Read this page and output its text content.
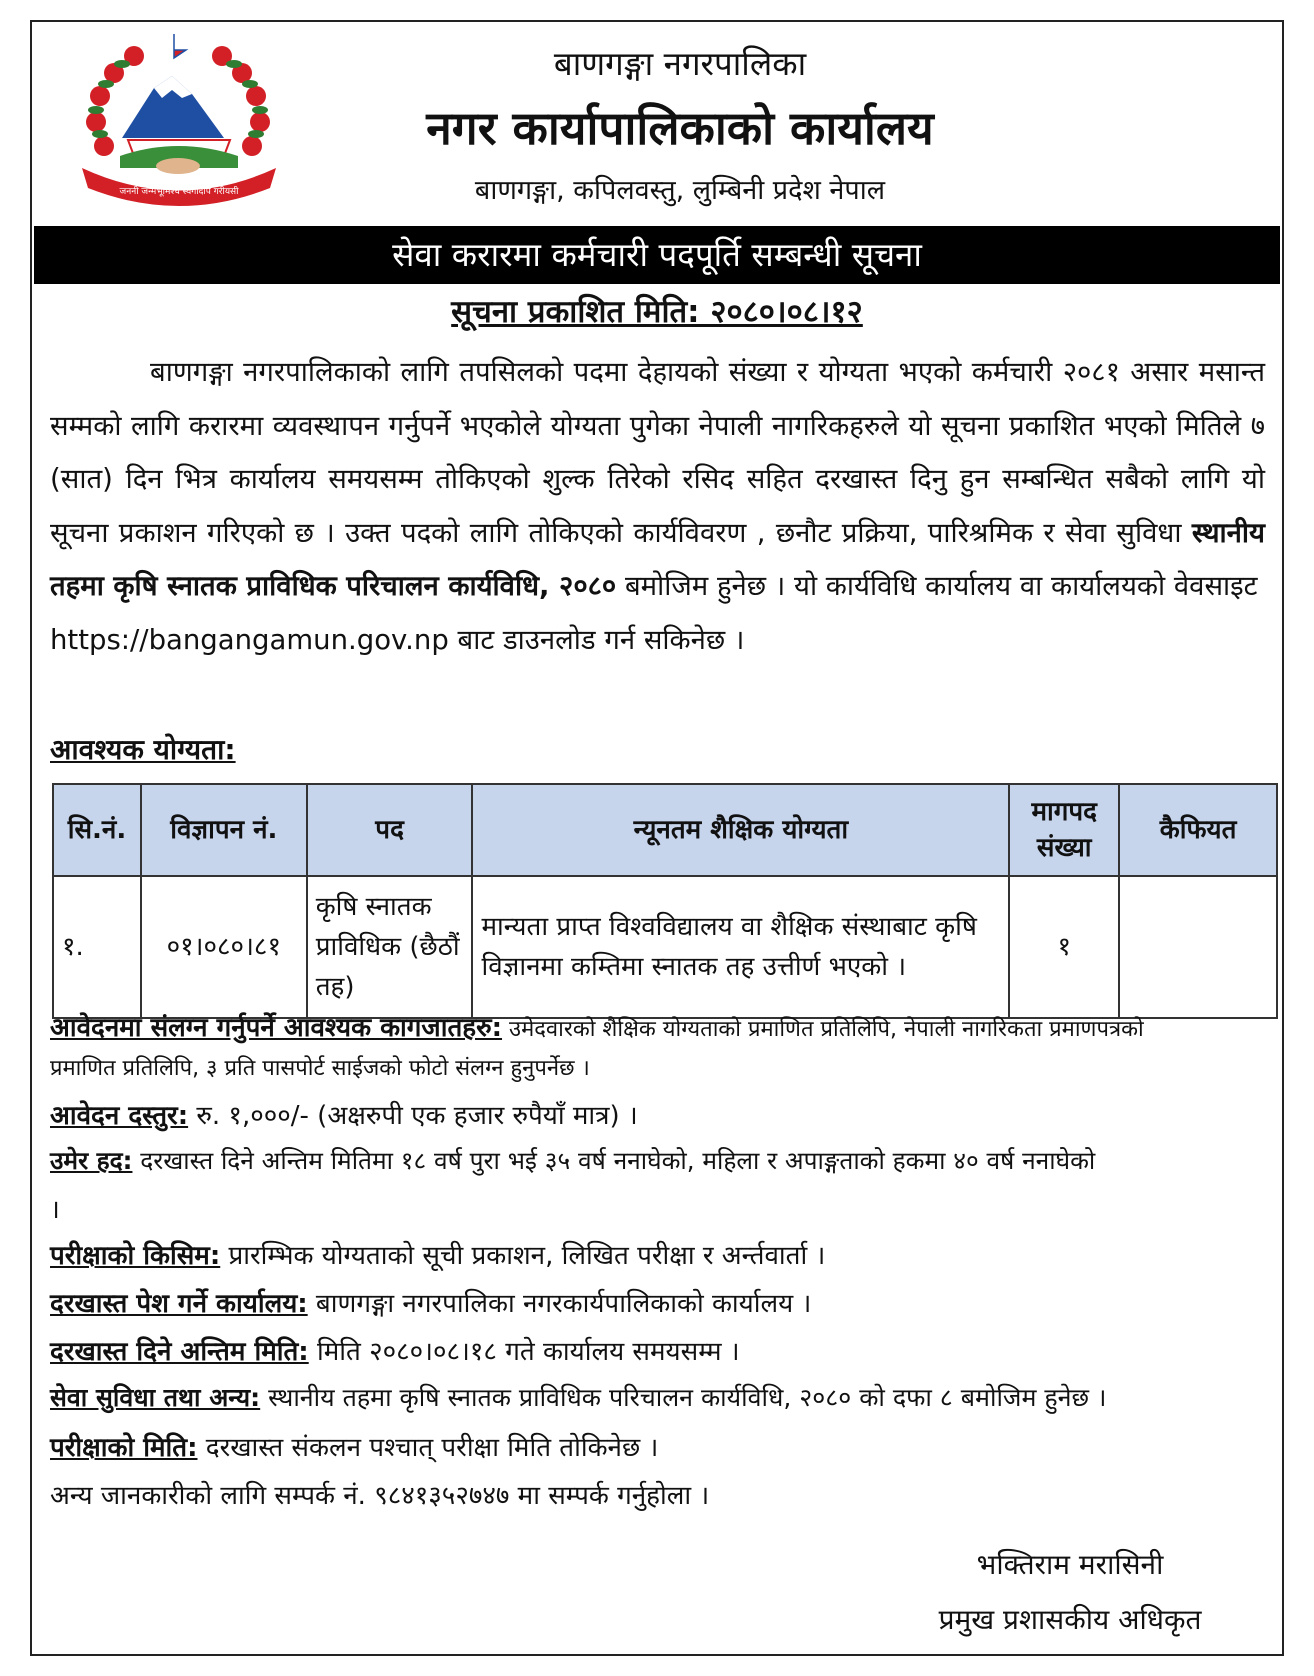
जननी जन्मभूमिश्च स्वर्गादपि गरीयसी
बाणगङ्गा नगरपालिका
नगर कार्यापालिकाको कार्यालय
बाणगङ्गा, कपिलवस्तु, लुम्बिनी प्रदेश नेपाल
सेवा करारमा कर्मचारी पदपूर्ति सम्बन्धी सूचना
सूचना प्रकाशित मिति: २०८०।०८।१२

बाणगङ्गा नगरपालिकाको लागि तपसिलको पदमा देहायको संख्या र योग्यता भएको कर्मचारी २०८१ असार मसान्त सम्मको लागि करारमा व्यवस्थापन गर्नुपर्ने भएकोले योग्यता पुगेका नेपाली नागरिकहरुले यो सूचना प्रकाशित भएको मितिले ७ (सात) दिन भित्र कार्यालय समयसम्म तोकिएको शुल्क तिरेको रसिद सहित दरखास्त दिनु हुन सम्बन्धित सबैको लागि यो सूचना प्रकाशन गरिएको छ । उक्त पदको लागि तोकिएको कार्यविवरण , छनौट प्रक्रिया, पारिश्रमिक र सेवा सुविधा स्थानीय तहमा कृषि स्नातक प्राविधिक परिचालन कार्यविधि, २०८० बमोजिम हुनेछ । यो कार्यविधि कार्यालय वा कार्यालयको वेवसाइट
https://bangangamun.gov.np बाट डाउनलोड गर्न सकिनेछ ।

आवश्यक योग्यता:
सि.नं.	विज्ञापन नं.	पद	न्यूनतम शैक्षिक योग्यता	मागपद संख्या	कैफियत
१.	०१।०८०।८१	कृषि स्नातक प्राविधिक (छैठौं तह)	मान्यता प्राप्त विश्वविद्यालय वा शैक्षिक संस्थाबाट कृषि विज्ञानमा कम्तिमा स्नातक तह उत्तीर्ण भएको ।	१	
आवेदनमा संलग्न गर्नुपर्ने आवश्यक कागजातहरु: उमेदवारको शैक्षिक योग्यताको प्रमाणित प्रतिलिपि, नेपाली नागरिकता प्रमाणपत्रको
प्रमाणित प्रतिलिपि, ३ प्रति पासपोर्ट साईजको फोटो संलग्न हुनुपर्नेछ ।
आवेदन दस्तुर: रु. १,०००/- (अक्षरुपी एक हजार रुपैयाँ मात्र) ।
उमेर हद: दरखास्त दिने अन्तिम मितिमा १८ वर्ष पुरा भई ३५ वर्ष ननाघेको, महिला र अपाङ्गताको हकमा ४० वर्ष ननाघेको
।
परीक्षाको किसिम: प्रारम्भिक योग्यताको सूची प्रकाशन, लिखित परीक्षा र अर्न्तवार्ता ।
दरखास्त पेश गर्ने कार्यालय: बाणगङ्गा नगरपालिका नगरकार्यपालिकाको कार्यालय ।
दरखास्त दिने अन्तिम मिति: मिति २०८०।०८।१८ गते कार्यालय समयसम्म ।
सेवा सुविधा तथा अन्य: स्थानीय तहमा कृषि स्नातक प्राविधिक परिचालन कार्यविधि, २०८० को दफा ८ बमोजिम हुनेछ ।
परीक्षाको मिति: दरखास्त संकलन पश्चात् परीक्षा मिति तोकिनेछ ।
अन्य जानकारीको लागि सम्पर्क नं. ९८४१३५२७४७ मा सम्पर्क गर्नुहोला ।
भक्तिराम मरासिनी
प्रमुख प्रशासकीय अधिकृत
